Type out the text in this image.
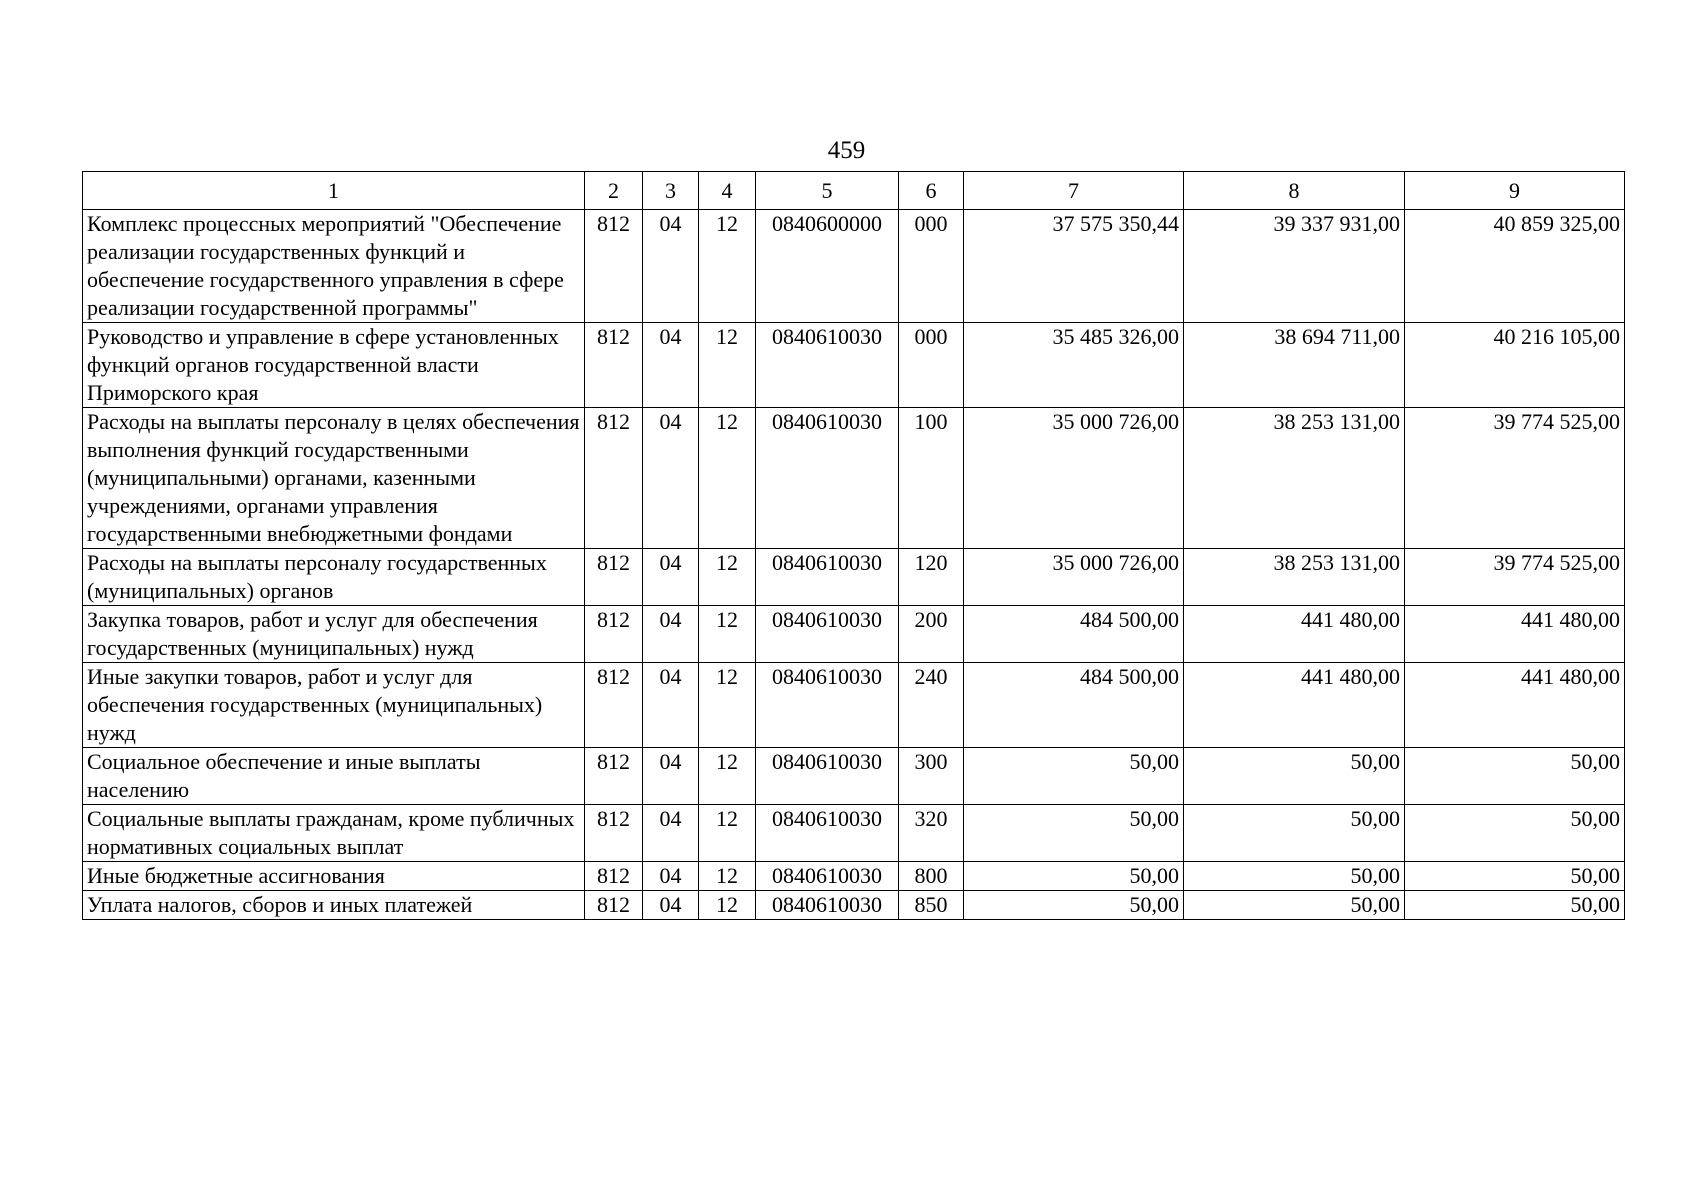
459
1	2	3	4	5	6	7	8	9
Комплекс процессных мероприятий "Обеспечение реализации государственных функций и обеспечение государственного управления в сфере реализации государственной программы"	812	04	12	0840600000	000	37 575 350,44	39 337 931,00	40 859 325,00
Руководство и управление в сфере установленных функций органов государственной власти Приморского края	812	04	12	0840610030	000	35 485 326,00	38 694 711,00	40 216 105,00
Расходы на выплаты персоналу в целях обеспечения выполнения функций государственными (муниципальными) органами, казенными учреждениями, органами управления государственными внебюджетными фондами	812	04	12	0840610030	100	35 000 726,00	38 253 131,00	39 774 525,00
Расходы на выплаты персоналу государственных (муниципальных) органов	812	04	12	0840610030	120	35 000 726,00	38 253 131,00	39 774 525,00
Закупка товаров, работ и услуг для обеспечения государственных (муниципальных) нужд	812	04	12	0840610030	200	484 500,00	441 480,00	441 480,00
Иные закупки товаров, работ и услуг для обеспечения государственных (муниципальных) нужд	812	04	12	0840610030	240	484 500,00	441 480,00	441 480,00
Социальное обеспечение и иные выплаты населению	812	04	12	0840610030	300	50,00	50,00	50,00
Социальные выплаты гражданам, кроме публичных нормативных социальных выплат	812	04	12	0840610030	320	50,00	50,00	50,00
Иные бюджетные ассигнования	812	04	12	0840610030	800	50,00	50,00	50,00
Уплата налогов, сборов и иных платежей	812	04	12	0840610030	850	50,00	50,00	50,00
